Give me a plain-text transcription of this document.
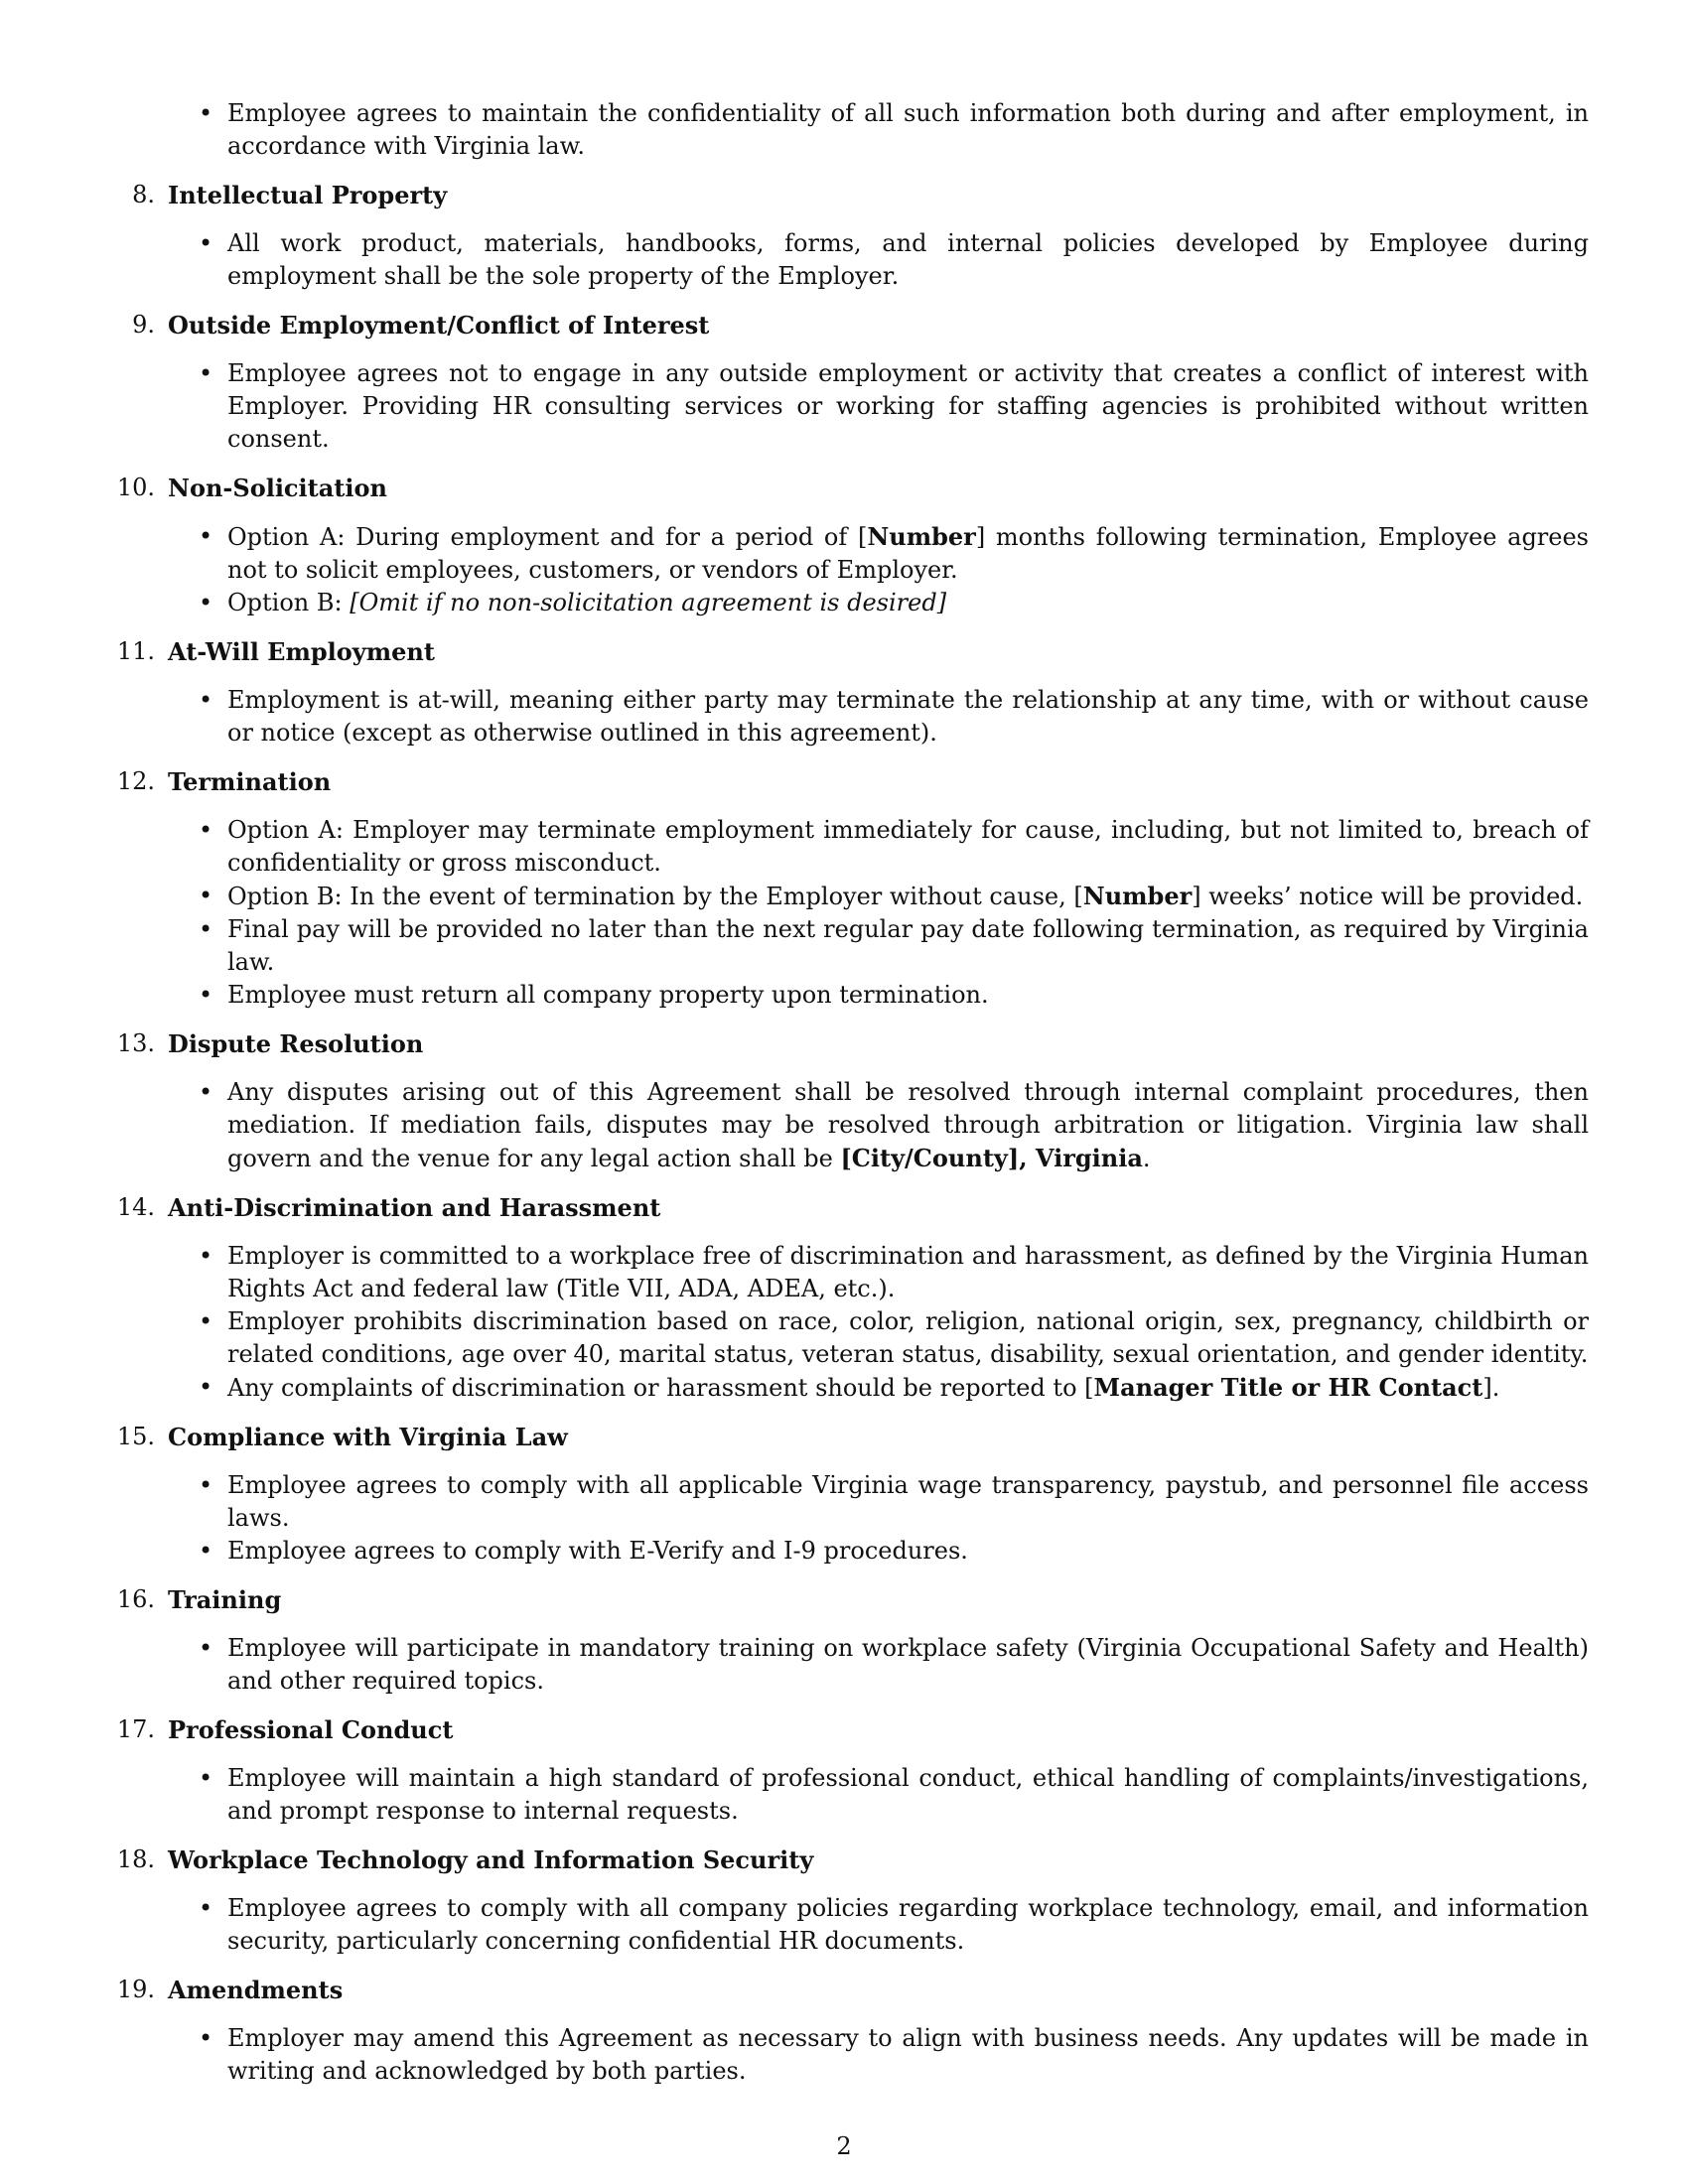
• Employee agrees to maintain the confidentiality of all such information both during and after employment, in accordance with Virginia law.
8. Intellectual Property
• All work product, materials, handbooks, forms, and internal policies developed by Employee during employment shall be the sole property of the Employer.
9. Outside Employment/Conflict of Interest
• Employee agrees not to engage in any outside employment or activity that creates a conflict of interest with Employer. Providing HR consulting services or working for staffing agencies is prohibited without written consent.
10. Non-Solicitation
• Option A: During employment and for a period of [Number] months following termination, Employee agrees not to solicit employees, customers, or vendors of Employer.
• Option B: [Omit if no non-solicitation agreement is desired]
11. At-Will Employment
• Employment is at-will, meaning either party may terminate the relationship at any time, with or without cause or notice (except as otherwise outlined in this agreement).
12. Termination
• Option A: Employer may terminate employment immediately for cause, including, but not limited to, breach of confidentiality or gross misconduct.
• Option B: In the event of termination by the Employer without cause, [Number] weeks’ notice will be provided.
• Final pay will be provided no later than the next regular pay date following termination, as required by Virginia law.
• Employee must return all company property upon termination.
13. Dispute Resolution
• Any disputes arising out of this Agreement shall be resolved through internal complaint procedures, then mediation. If mediation fails, disputes may be resolved through arbitration or litigation. Virginia law shall govern and the venue for any legal action shall be [City/County], Virginia.
14. Anti-Discrimination and Harassment
• Employer is committed to a workplace free of discrimination and harassment, as defined by the Virginia Human Rights Act and federal law (Title VII, ADA, ADEA, etc.).
• Employer prohibits discrimination based on race, color, religion, national origin, sex, pregnancy, childbirth or related conditions, age over 40, marital status, veteran status, disability, sexual orientation, and gender identity.
• Any complaints of discrimination or harassment should be reported to [Manager Title or HR Contact].
15. Compliance with Virginia Law
• Employee agrees to comply with all applicable Virginia wage transparency, paystub, and personnel file access laws.
• Employee agrees to comply with E-Verify and I-9 procedures.
16. Training
• Employee will participate in mandatory training on workplace safety (Virginia Occupational Safety and Health) and other required topics.
17. Professional Conduct
• Employee will maintain a high standard of professional conduct, ethical handling of complaints/investigations, and prompt response to internal requests.
18. Workplace Technology and Information Security
• Employee agrees to comply with all company policies regarding workplace technology, email, and information security, particularly concerning confidential HR documents.
19. Amendments
• Employer may amend this Agreement as necessary to align with business needs. Any updates will be made in writing and acknowledged by both parties.
2
